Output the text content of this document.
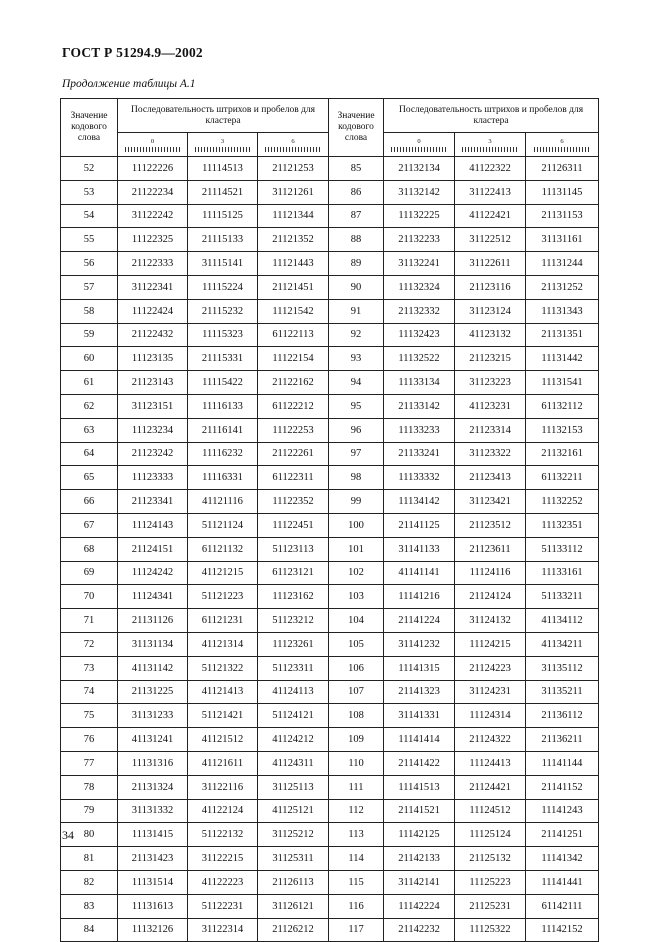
ГОСТ Р 51294.9—2002
Продолжение таблицы А.1
Значение кодового слова	Последовательность штрихов и пробелов для кластера			Значение кодового слова	Последовательность штрихов и пробелов для кластера		

	0	3	6		0	3	6

52	11122226	11114513	21121253	85	21132134	41122322	21126311
53	21122234	21114521	31121261	86	31132142	31122413	11131145
54	31122242	11115125	11121344	87	11132225	41122421	21131153
55	11122325	21115133	21121352	88	21132233	31122512	31131161
56	21122333	31115141	11121443	89	31132241	31122611	11131244
57	31122341	11115224	21121451	90	11132324	21123116	21131252
58	11122424	21115232	11121542	91	21132332	31123124	11131343
59	21122432	11115323	61122113	92	11132423	41123132	21131351
60	11123135	21115331	11122154	93	11132522	21123215	11131442
61	21123143	11115422	21122162	94	11133134	31123223	11131541
62	31123151	11116133	61122212	95	21133142	41123231	61132112
63	11123234	21116141	11122253	96	11133233	21123314	11132153
64	21123242	11116232	21122261	97	21133241	31123322	21132161
65	11123333	11116331	61122311	98	11133332	21123413	61132211
66	21123341	41121116	11122352	99	11134142	31123421	11132252
67	11124143	51121124	11122451	100	21141125	21123512	11132351
68	21124151	61121132	51123113	101	31141133	21123611	51133112
69	11124242	41121215	61123121	102	41141141	11124116	11133161
70	11124341	51121223	11123162	103	11141216	21124124	51133211
71	21131126	61121231	51123212	104	21141224	31124132	41134112
72	31131134	41121314	11123261	105	31141232	11124215	41134211
73	41131142	51121322	51123311	106	11141315	21124223	31135112
74	21131225	41121413	41124113	107	21141323	31124231	31135211
75	31131233	51121421	51124121	108	31141331	11124314	21136112
76	41131241	41121512	41124212	109	11141414	21124322	21136211
77	11131316	41121611	41124311	110	21141422	11124413	11141144
78	21131324	31122116	31125113	111	11141513	21124421	21141152
79	31131332	41122124	41125121	112	21141521	11124512	11141243
80	11131415	51122132	31125212	113	11142125	11125124	21141251
81	21131423	31122215	31125311	114	21142133	21125132	11141342
82	11131514	41122223	21126113	115	31142141	11125223	11141441
83	11131613	51122231	31126121	116	11142224	21125231	61142111
84	11132126	31122314	21126212	117	21142232	11125322	11142152
34
